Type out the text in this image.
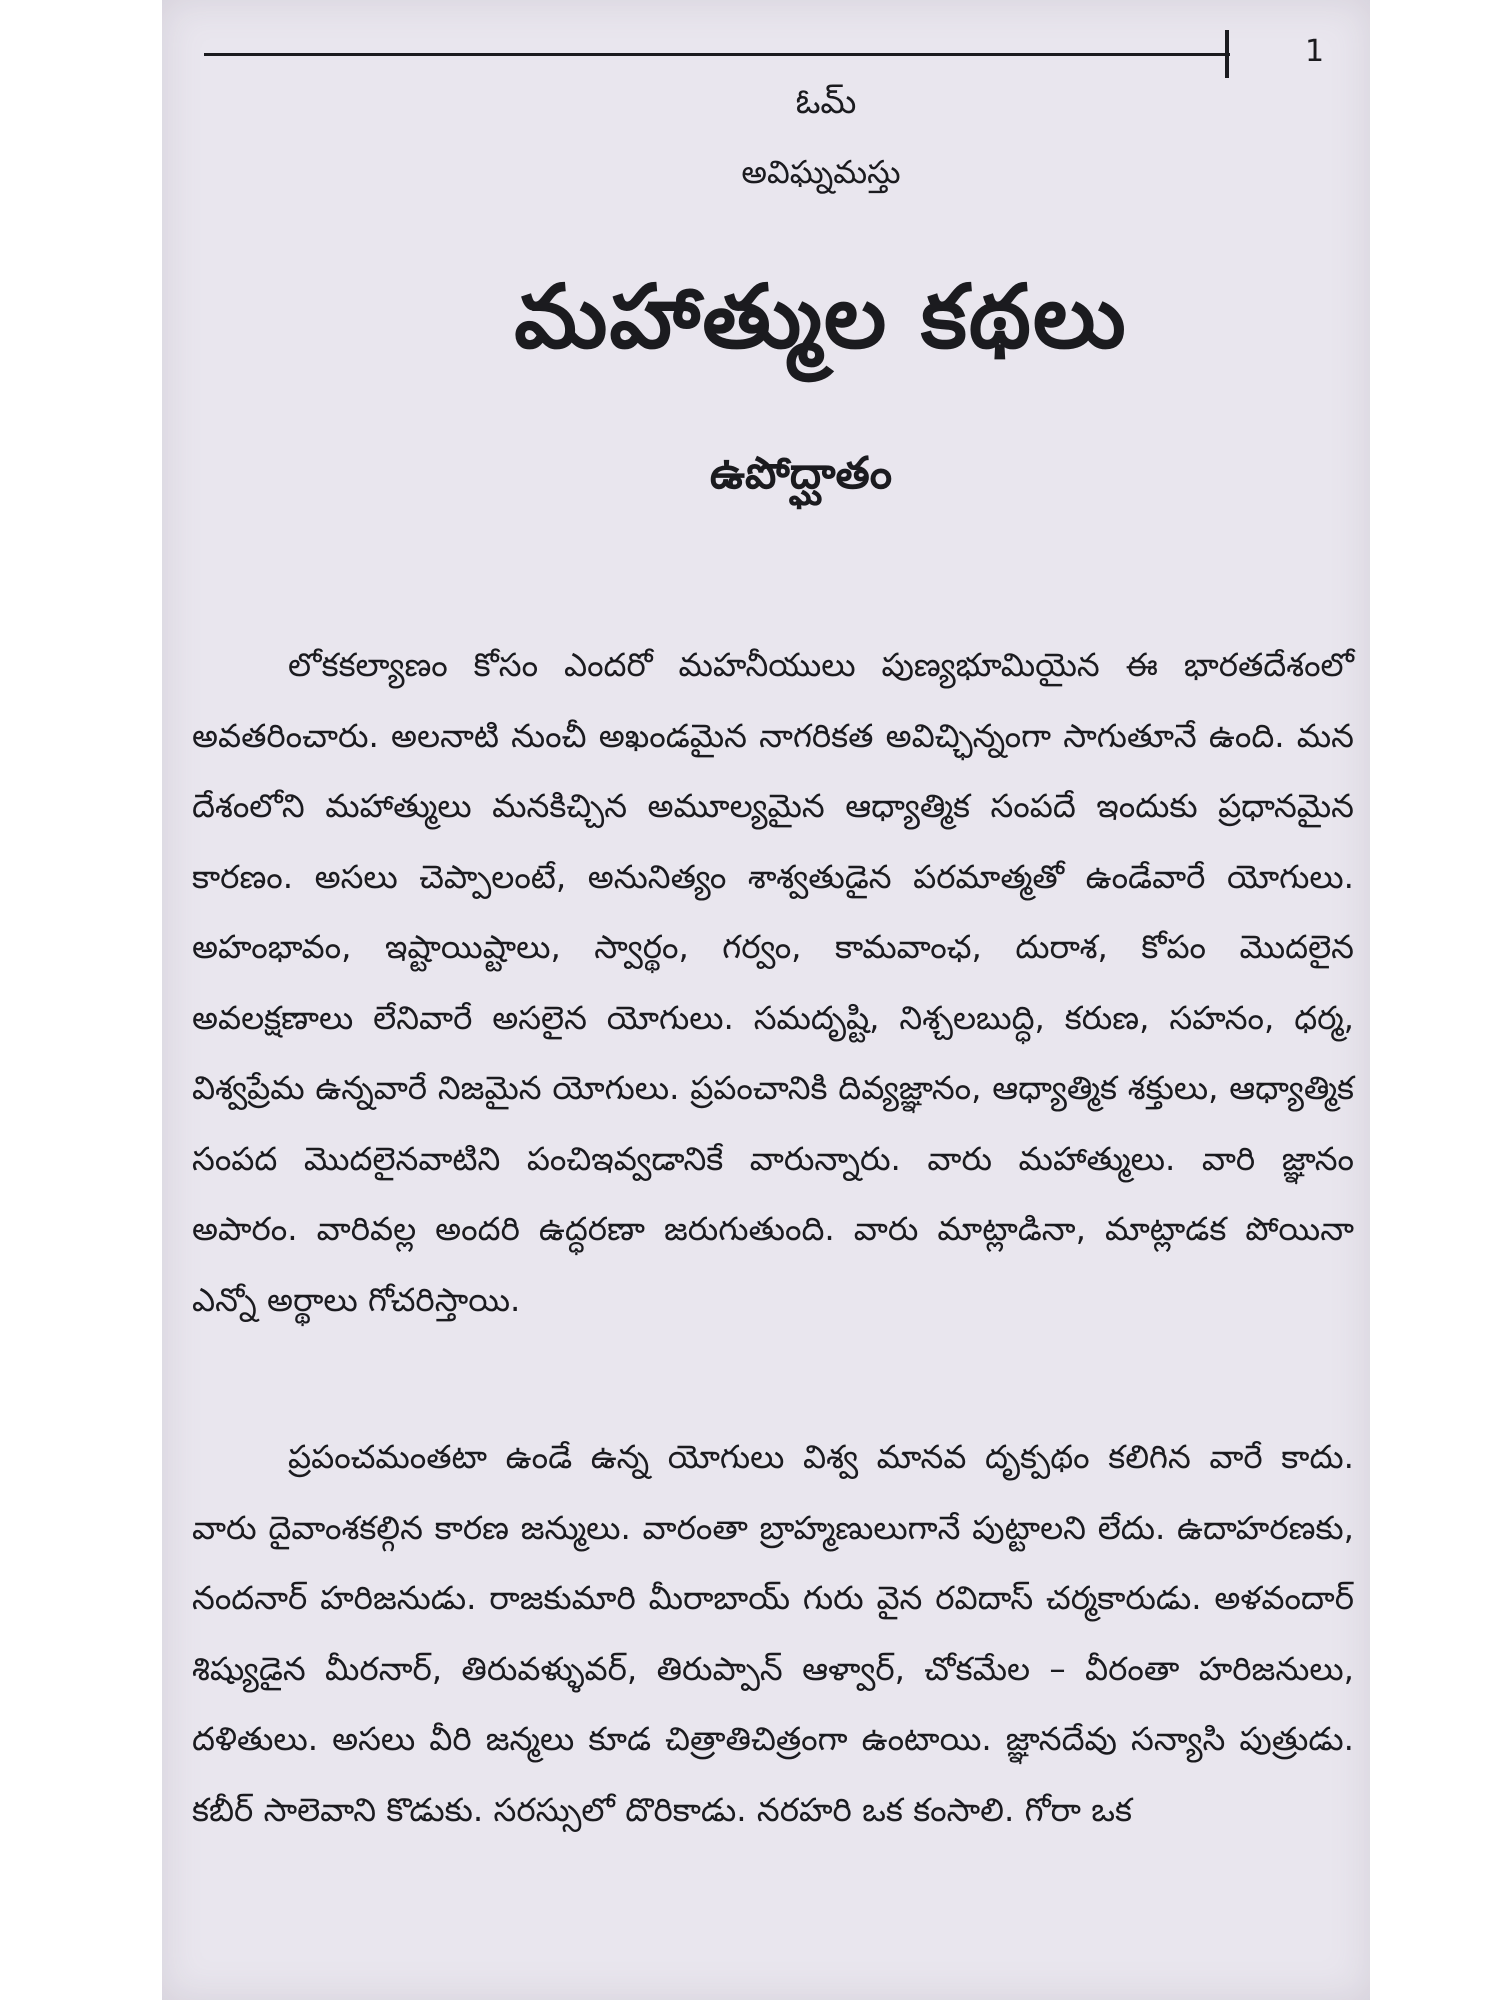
1
ఓమ్
అవిఘ్నమస్తు
మహాత్ముల కథలు
ఉపోద్ఘాతం

లోకకల్యాణం కోసం ఎందరో మహనీయులు పుణ్యభూమియైన ఈ భారతదేశంలో అవతరించారు. అలనాటి నుంచీ అఖండమైన నాగరికత అవిచ్ఛిన్నంగా సాగుతూనే ఉంది. మన దేశంలోని మహాత్ములు మనకిచ్చిన అమూల్యమైన ఆధ్యాత్మిక సంపదే ఇందుకు ప్రధానమైన కారణం. అసలు చెప్పాలంటే, అనునిత్యం శాశ్వతుడైన పరమాత్మతో ఉండేవారే యోగులు. అహంభావం, ఇష్టాయిష్టాలు, స్వార్థం, గర్వం, కామవాంఛ, దురాశ, కోపం మొదలైన అవలక్షణాలు లేనివారే అసలైన యోగులు. సమదృష్టి, నిశ్చలబుద్ధి, కరుణ, సహనం, ధర్మ, విశ్వప్రేమ ఉన్నవారే నిజమైన యోగులు. ప్రపంచానికి దివ్యజ్ఞానం, ఆధ్యాత్మిక శక్తులు, ఆధ్యాత్మిక సంపద మొదలైనవాటిని పంచిఇవ్వడానికే వారున్నారు. వారు మహాత్ములు. వారి జ్ఞానం అపారం. వారివల్ల అందరి ఉద్ధరణా జరుగుతుంది. వారు మాట్లాడినా, మాట్లాడక పోయినా ఎన్నో అర్థాలు గోచరిస్తాయి.

ప్రపంచమంతటా ఉండే ఉన్న యోగులు విశ్వ మానవ దృక్పథం కలిగిన వారే కాదు. వారు దైవాంశకల్గిన కారణ జన్ములు. వారంతా బ్రాహ్మణులుగానే పుట్టాలని లేదు. ఉదాహరణకు, నందనార్ హరిజనుడు. రాజకుమారి మీరాబాయ్ గురు వైన రవిదాస్ చర్మకారుడు. అళవందార్ శిష్యుడైన మీరనార్, తిరువళ్ళువర్, తిరుప్పాన్ ఆళ్వార్, చోకమేల – వీరంతా హరిజనులు, దళితులు. అసలు వీరి జన్మలు కూడ చిత్రాతిచిత్రంగా ఉంటాయి. జ్ఞానదేవు సన్యాసి పుత్రుడు. కబీర్ సాలెవాని కొడుకు. సరస్సులో దొరికాడు. నరహరి ఒక కంసాలి. గోరా ఒక
